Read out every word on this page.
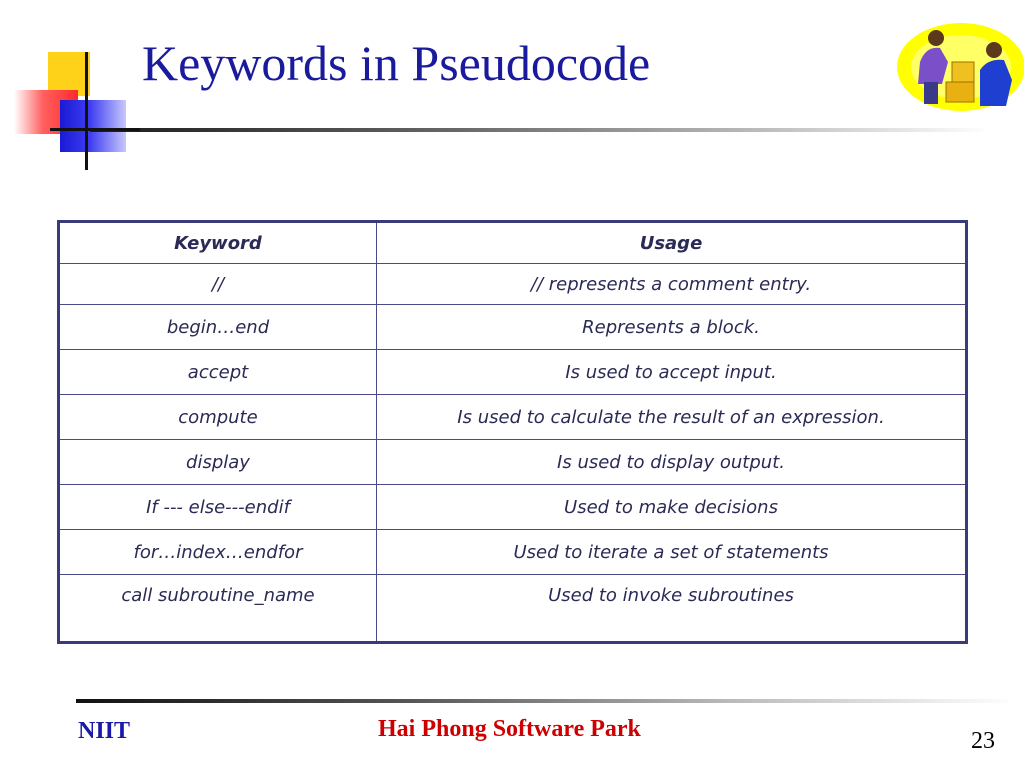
Keywords in Pseudocode
Keyword	Usage
//	// represents a comment entry.
begin…end	Represents a block.
accept	Is used to accept input.
compute	Is used to calculate the result of an expression.
display	Is used to display output.
If --- else---endif	Used to make decisions
for…index…endfor	Used to iterate a set of statements
call subroutine_name	Used to invoke subroutines
NIIT	Hai Phong Software Park	23
